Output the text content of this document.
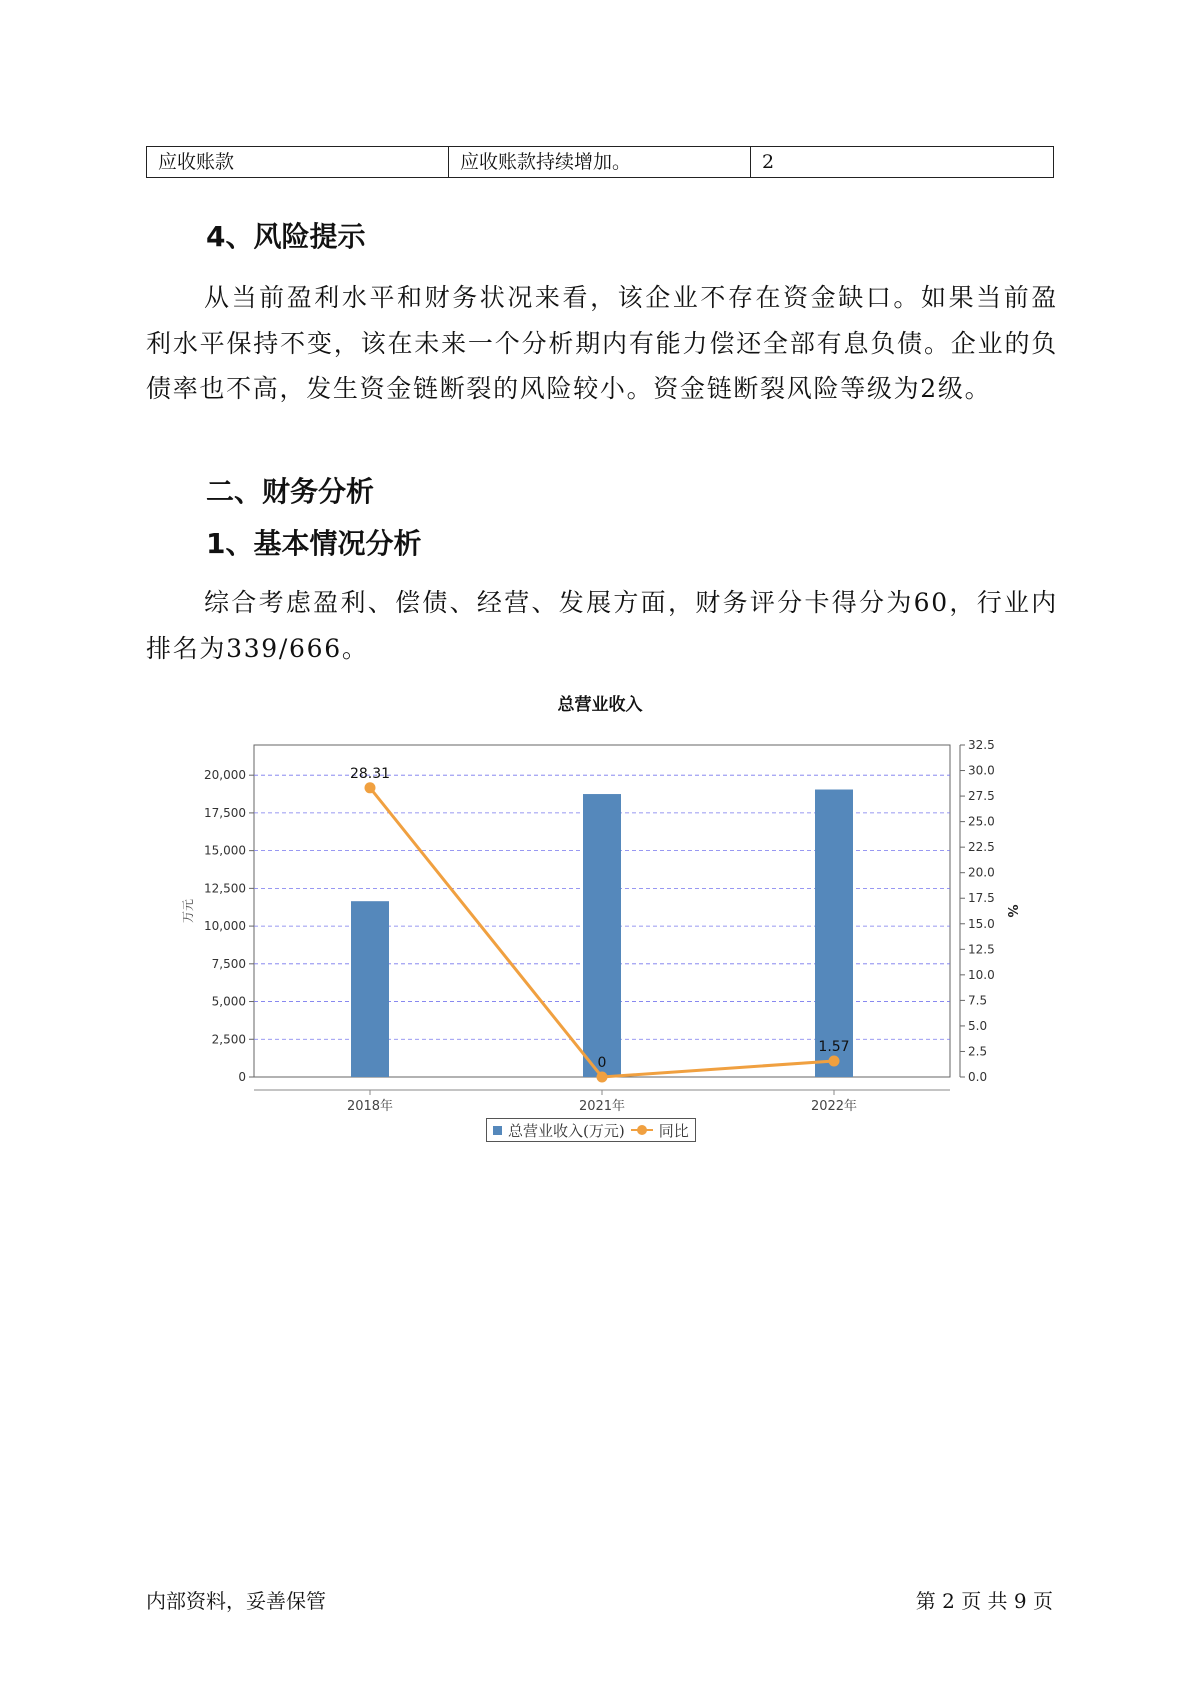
应收账款	应收账款持续增加。	2
4、风险提示

从当前盈利水平和财务状况来看，该企业不存在资金缺口。如果当前盈利水平保持不变，该在未来一个分析期内有能力偿还全部有息负债。企业的负债率也不高，发生资金链断裂的风险较小。资金链断裂风险等级为2级。

二、财务分析
1、基本情况分析

综合考虑盈利、偿债、经营、发展方面，财务评分卡得分为60，行业内排名为339/666。

总营业收入
0
2,500
5,000
7,500
10,000
12,500
15,000
17,500
20,000
0.0
2.5
5.0
7.5
10.0
12.5
15.0
17.5
20.0
22.5
25.0
27.5
30.0
32.5
2018年	2021年	2022年
万元	%
28.31
0
1.57
总营业收入(万元) 同比
内部资料，妥善保管	第 2 页 共 9 页
